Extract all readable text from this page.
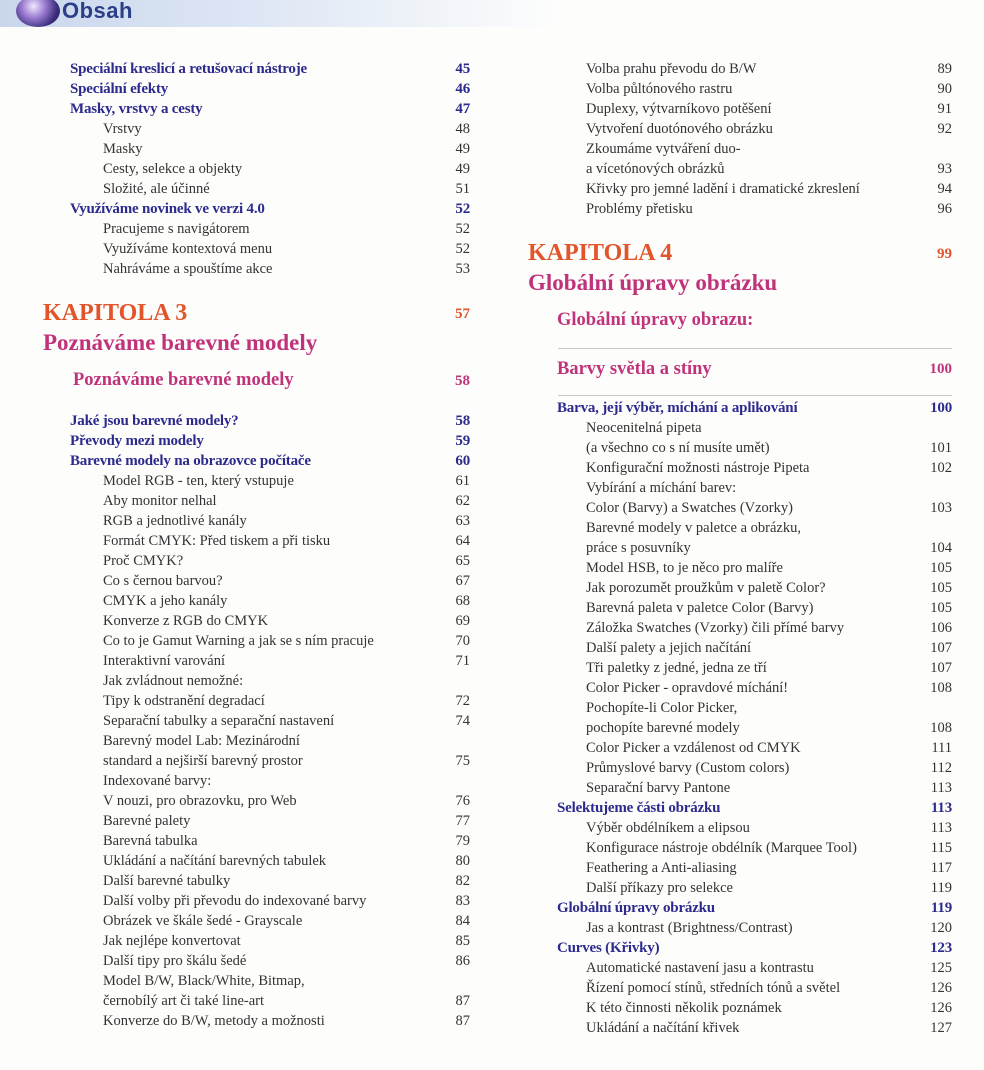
Obsah
Speciální kreslicí a retušovací nástroje	45
Speciální efekty	46
Masky, vrstvy a cesty	47
Vrstvy	48
Masky	49
Cesty, selekce a objekty	49
Složité, ale účinné	51
Využíváme novinek ve verzi 4.0	52
Pracujeme s navigátorem	52
Využíváme kontextová menu	52
Nahráváme a spouštíme akce	53
KAPITOLA 3	57
Poznáváme barevné modely
Poznáváme barevné modely	58
Jaké jsou barevné modely?	58
Převody mezi modely	59
Barevné modely na obrazovce počítače	60
Model RGB - ten, který vstupuje	61
Aby monitor nelhal	62
RGB a jednotlivé kanály	63
Formát CMYK: Před tiskem a při tisku	64
Proč CMYK?	65
Co s černou barvou?	67
CMYK a jeho kanály	68
Konverze z RGB do CMYK	69
Co to je Gamut Warning a jak se s ním pracuje	70
Interaktivní varování	71
Jak zvládnout nemožné:
Tipy k odstranění degradací	72
Separační tabulky a separační nastavení	74
Barevný model Lab: Mezinárodní
standard a nejširší barevný prostor	75
Indexované barvy:
V nouzi, pro obrazovku, pro Web	76
Barevné palety	77
Barevná tabulka	79
Ukládání a načítání barevných tabulek	80
Další barevné tabulky	82
Další volby při převodu do indexované barvy	83
Obrázek ve škále šedé - Grayscale	84
Jak nejlépe konvertovat	85
Další tipy pro škálu šedé	86
Model B/W, Black/White, Bitmap,
černobílý art či také line-art	87
Konverze do B/W, metody a možnosti	87
Volba prahu převodu do B/W	89
Volba půltónového rastru	90
Duplexy, výtvarníkovo potěšení	91
Vytvoření duotónového obrázku	92
Zkoumáme vytváření duo-
a vícetónových obrázků	93
Křivky pro jemné ladění i dramatické zkreslení	94
Problémy přetisku	96
KAPITOLA 4	99
Globální úpravy obrázku
Globální úpravy obrazu:
Barvy světla a stíny	100
Barva, její výběr, míchání a aplikování	100
Neocenitelná pipeta
(a všechno co s ní musíte umět)	101
Konfigurační možnosti nástroje Pipeta	102
Vybírání a míchání barev:
Color (Barvy) a Swatches (Vzorky)	103
Barevné modely v paletce a obrázku,
práce s posuvníky	104
Model HSB, to je něco pro malíře	105
Jak porozumět proužkům v paletě Color?	105
Barevná paleta v paletce Color (Barvy)	105
Záložka Swatches (Vzorky) čili přímé barvy	106
Další palety a jejich načítání	107
Tři paletky z jedné, jedna ze tří	107
Color Picker - opravdové míchání!	108
Pochopíte-li Color Picker,
pochopíte barevné modely	108
Color Picker a vzdálenost od CMYK	111
Průmyslové barvy (Custom colors)	112
Separační barvy Pantone	113
Selektujeme části obrázku	113
Výběr obdélníkem a elipsou	113
Konfigurace nástroje obdélník (Marquee Tool)	115
Feathering a Anti-aliasing	117
Další příkazy pro selekce	119
Globální úpravy obrázku	119
Jas a kontrast (Brightness/Contrast)	120
Curves (Křivky)	123
Automatické nastavení jasu a kontrastu	125
Řízení pomocí stínů, středních tónů a světel	126
K této činnosti několik poznámek	126
Ukládání a načítání křivek	127
